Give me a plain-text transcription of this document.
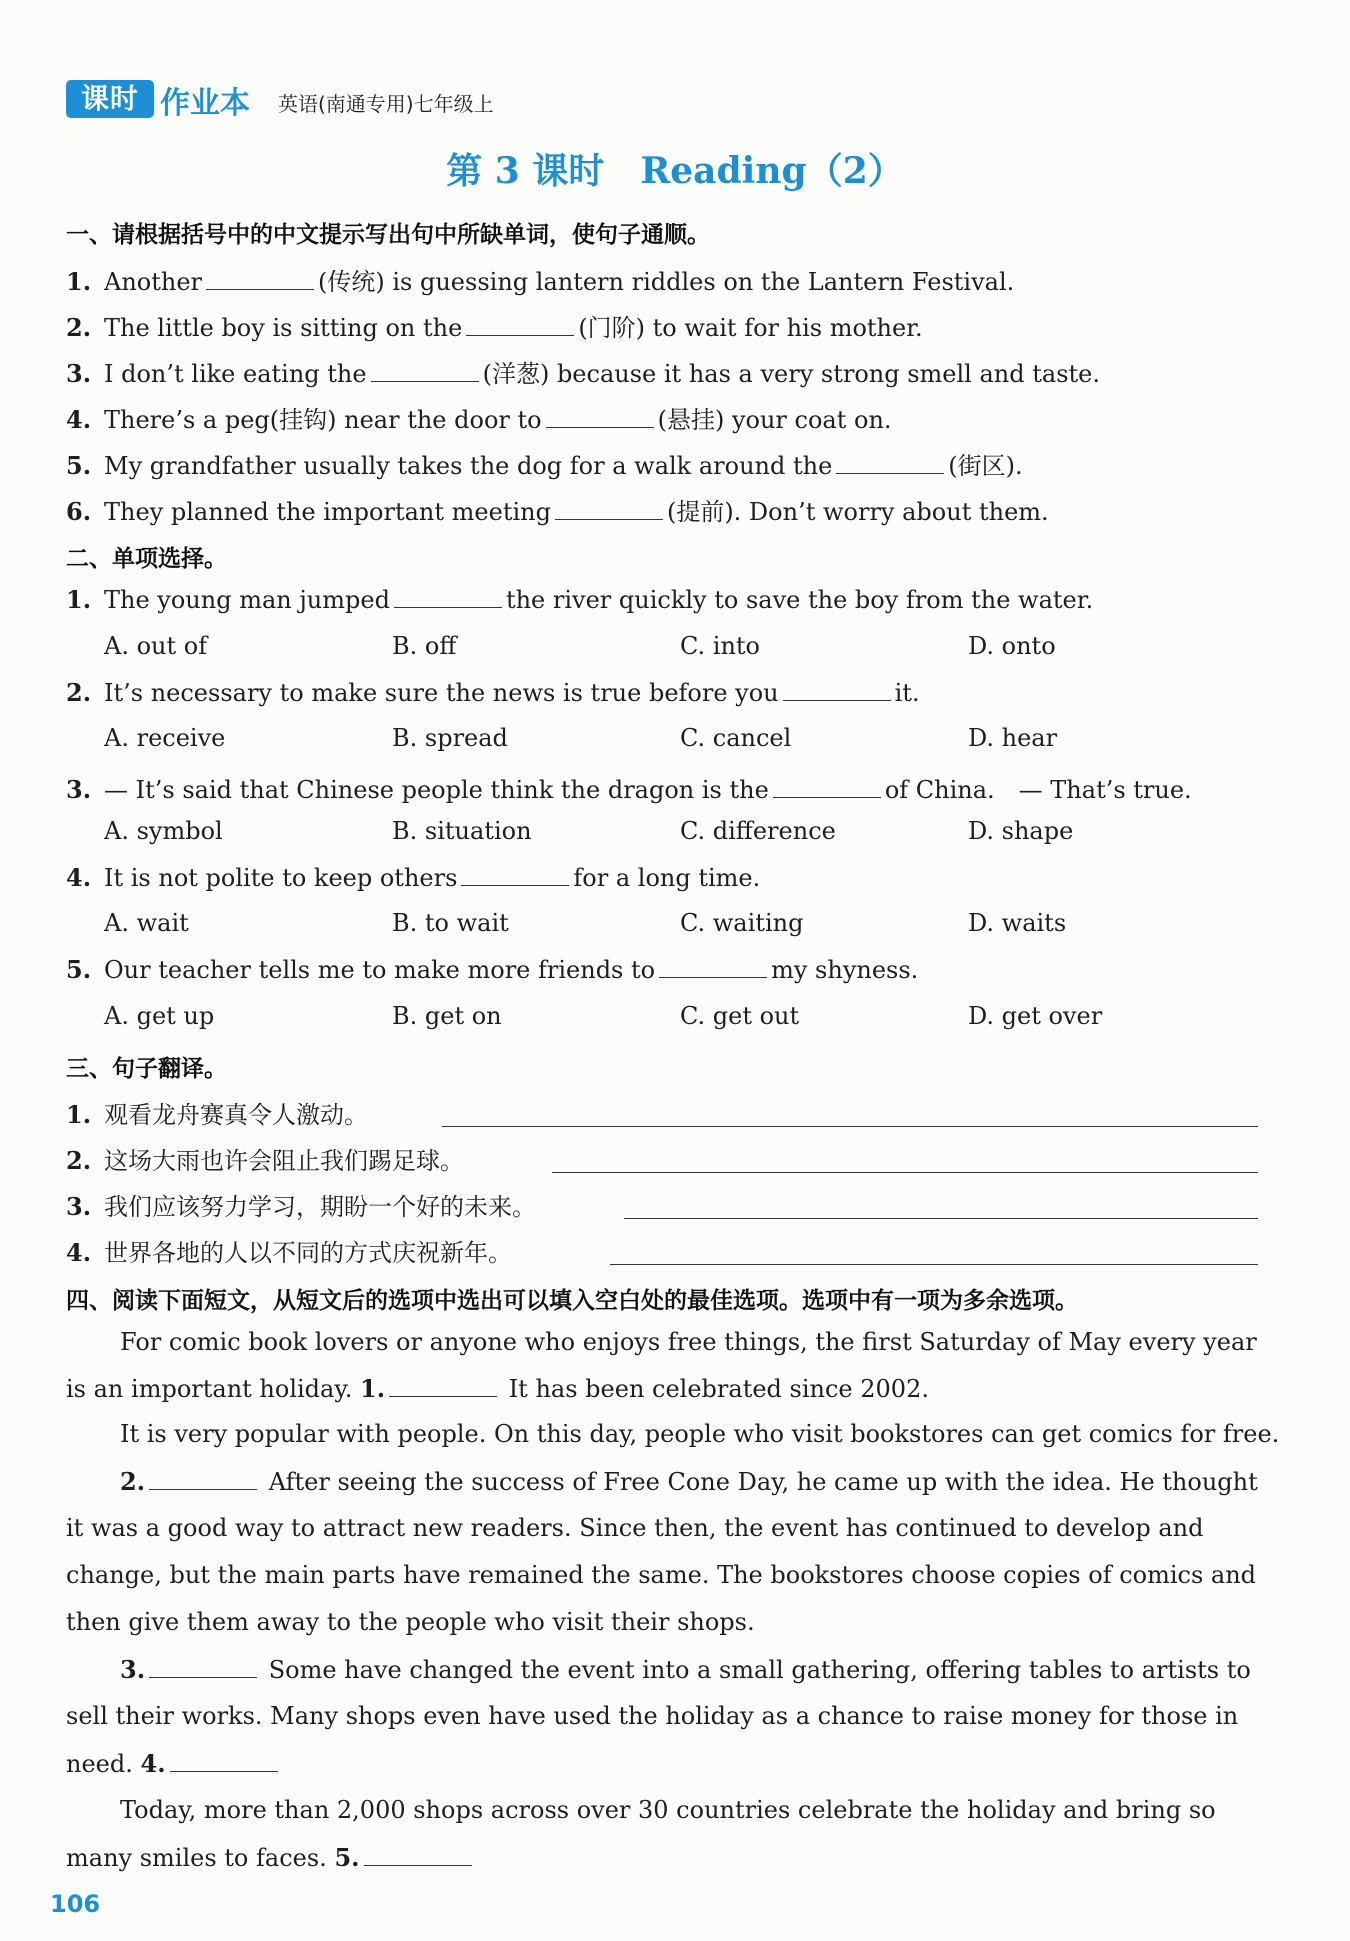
课时 作业本 英语(南通专用)七年级上
第 3 课时　Reading（2）
一、请根据括号中的中文提示写出句中所缺单词，使句子通顺。
1. Another	(传统) is guessing lantern riddles on the Lantern Festival.
2. The little boy is sitting on the	(门阶) to wait for his mother.
3. I don’t like eating the	(洋葱) because it has a very strong smell and taste.
4. There’s a peg(挂钩) near the door to	(悬挂) your coat on.
5. My grandfather usually takes the dog for a walk around the	(街区).
6. They planned the important meeting	(提前). Don’t worry about them.
二、单项选择。
1. The young man jumped	the river quickly to save the boy from the water.
A. out of	B. off	C. into	D. onto
2. It’s necessary to make sure the news is true before you	it.
A. receive	B. spread	C. cancel	D. hear
3. — It’s said that Chinese people think the dragon is the	of China.　— That’s true.
A. symbol	B. situation	C. difference	D. shape
4. It is not polite to keep others	for a long time.
A. wait	B. to wait	C. waiting	D. waits
5. Our teacher tells me to make more friends to	my shyness.
A. get up	B. get on	C. get out	D. get over
三、句子翻译。
1. 观看龙舟赛真令人激动。
2. 这场大雨也许会阻止我们踢足球。
3. 我们应该努力学习，期盼一个好的未来。
4. 世界各地的人以不同的方式庆祝新年。
四、阅读下面短文，从短文后的选项中选出可以填入空白处的最佳选项。选项中有一项为多余选项。
For comic book lovers or anyone who enjoys free things, the first Saturday of May every year
is an important holiday. 1.	It has been celebrated since 2002.
It is very popular with people. On this day, people who visit bookstores can get comics for free.
2.	After seeing the success of Free Cone Day, he came up with the idea. He thought
it was a good way to attract new readers. Since then, the event has continued to develop and
change, but the main parts have remained the same. The bookstores choose copies of comics and
then give them away to the people who visit their shops.
3.	Some have changed the event into a small gathering, offering tables to artists to
sell their works. Many shops even have used the holiday as a chance to raise money for those in
need. 4.
Today, more than 2,000 shops across over 30 countries celebrate the holiday and bring so
many smiles to faces. 5.
106
